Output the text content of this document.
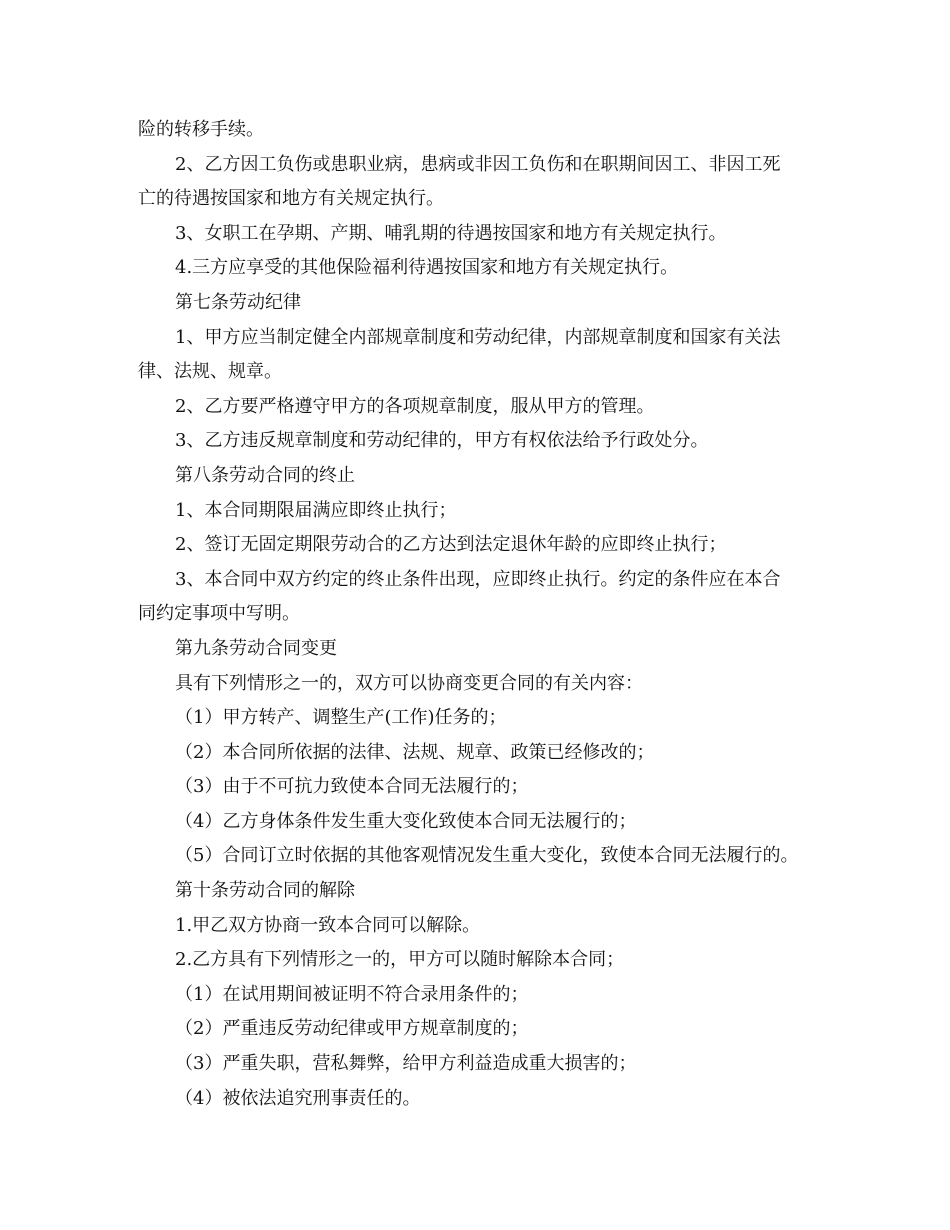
险的转移手续。
2、乙方因工负伤或患职业病，患病或非因工负伤和在职期间因工、非因工死
亡的待遇按国家和地方有关规定执行。
3、女职工在孕期、产期、哺乳期的待遇按国家和地方有关规定执行。
4.三方应享受的其他保险福利待遇按国家和地方有关规定执行。
第七条劳动纪律
1、甲方应当制定健全内部规章制度和劳动纪律，内部规章制度和国家有关法
律、法规、规章。
2、乙方要严格遵守甲方的各项规章制度，服从甲方的管理。
3、乙方违反规章制度和劳动纪律的，甲方有权依法给予行政处分。
第八条劳动合同的终止
1、本合同期限届满应即终止执行；
2、签订无固定期限劳动合的乙方达到法定退休年龄的应即终止执行；
3、本合同中双方约定的终止条件出现，应即终止执行。约定的条件应在本合
同约定事项中写明。
第九条劳动合同变更
具有下列情形之一的，双方可以协商变更合同的有关内容：
（1）甲方转产、调整生产(工作)任务的；
（2）本合同所依据的法律、法规、规章、政策已经修改的；
（3）由于不可抗力致使本合同无法履行的；
（4）乙方身体条件发生重大变化致使本合同无法履行的；
（5）合同订立时依据的其他客观情况发生重大变化，致使本合同无法履行的。
第十条劳动合同的解除
1.甲乙双方协商一致本合同可以解除。
2.乙方具有下列情形之一的，甲方可以随时解除本合同；
（1）在试用期间被证明不符合录用条件的；
（2）严重违反劳动纪律或甲方规章制度的；
（3）严重失职，营私舞弊，给甲方利益造成重大损害的；
（4）被依法追究刑事责任的。
